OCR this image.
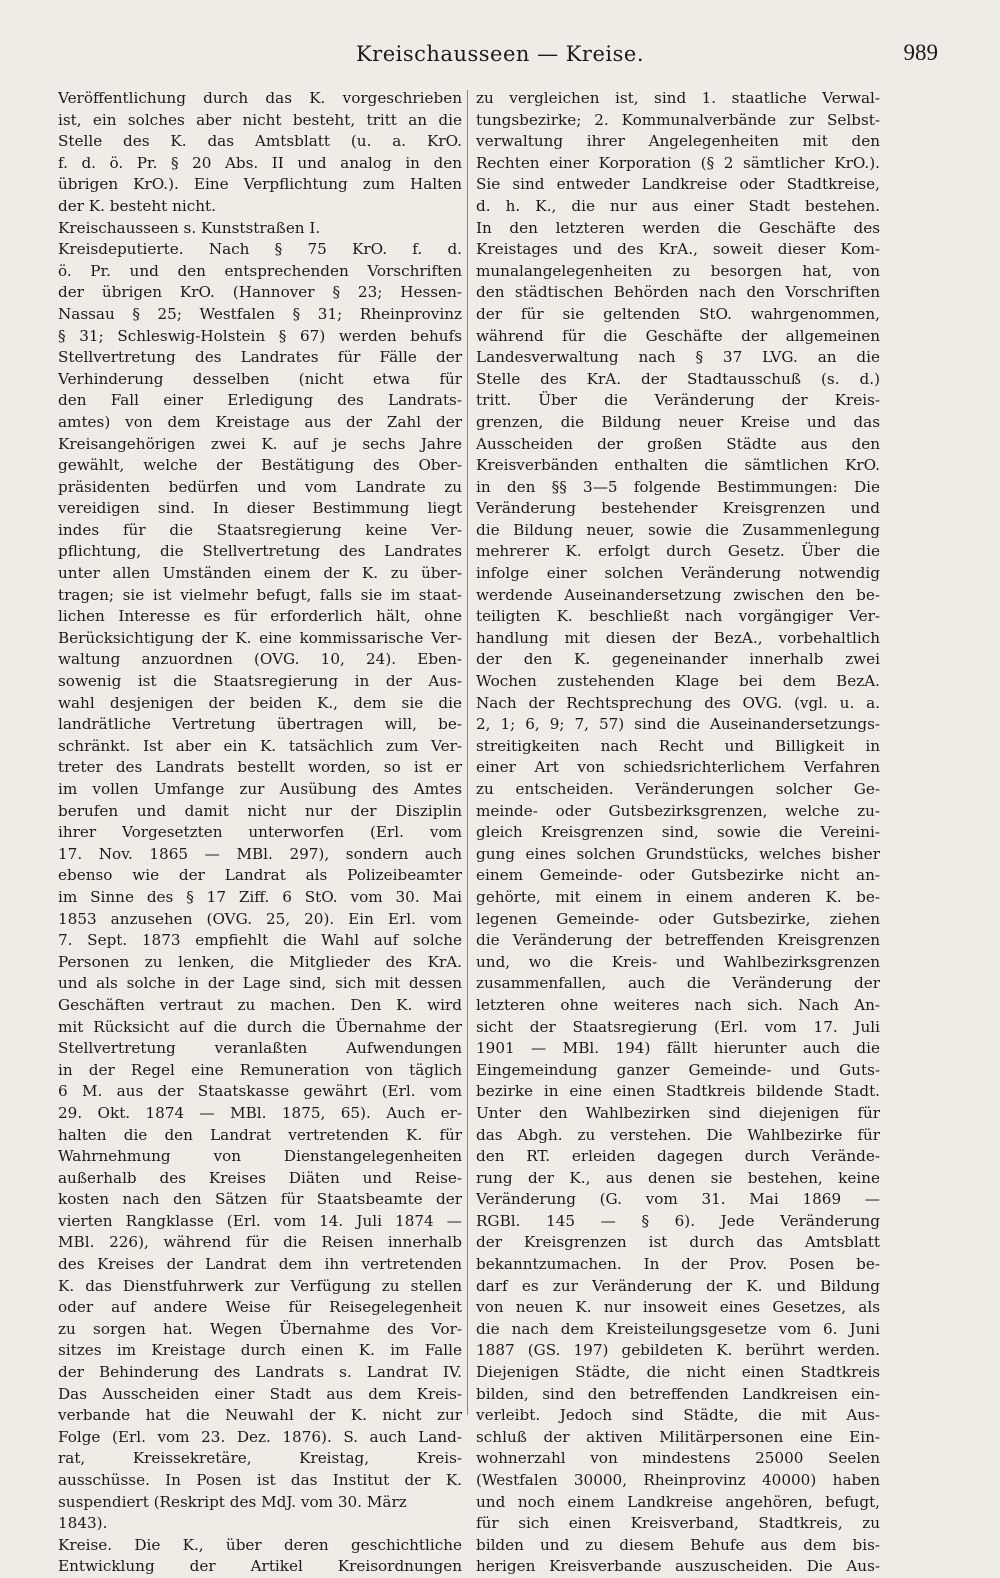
Kreischausseen — Kreise.	989
Veröffentlichung durch das K. vorgeschrieben
ist, ein solches aber nicht besteht, tritt an die
Stelle des K. das Amtsblatt (u. a. KrO.
f. d. ö. Pr. § 20 Abs. II und analog in den
übrigen KrO.). Eine Verpflichtung zum Halten
der K. besteht nicht.
Kreischausseen s. Kunststraßen I.
Kreisdeputierte. Nach § 75 KrO. f. d.
ö. Pr. und den entsprechenden Vorschriften
der übrigen KrO. (Hannover § 23; Hessen-
Nassau § 25; Westfalen § 31; Rheinprovinz
§ 31; Schleswig-Holstein § 67) werden behufs
Stellvertretung des Landrates für Fälle der
Verhinderung desselben (nicht etwa für
den Fall einer Erledigung des Landrats-
amtes) von dem Kreistage aus der Zahl der
Kreisangehörigen zwei K. auf je sechs Jahre
gewählt, welche der Bestätigung des Ober-
präsidenten bedürfen und vom Landrate zu
vereidigen sind. In dieser Bestimmung liegt
indes für die Staatsregierung keine Ver-
pflichtung, die Stellvertretung des Landrates
unter allen Umständen einem der K. zu über-
tragen; sie ist vielmehr befugt, falls sie im staat-
lichen Interesse es für erforderlich hält, ohne
Berücksichtigung der K. eine kommissarische Ver-
waltung anzuordnen (OVG. 10, 24). Eben-
sowenig ist die Staatsregierung in der Aus-
wahl desjenigen der beiden K., dem sie die
landrätliche Vertretung übertragen will, be-
schränkt. Ist aber ein K. tatsächlich zum Ver-
treter des Landrats bestellt worden, so ist er
im vollen Umfange zur Ausübung des Amtes
berufen und damit nicht nur der Disziplin
ihrer Vorgesetzten unterworfen (Erl. vom
17. Nov. 1865 — MBl. 297), sondern auch
ebenso wie der Landrat als Polizeibeamter
im Sinne des § 17 Ziff. 6 StO. vom 30. Mai
1853 anzusehen (OVG. 25, 20). Ein Erl. vom
7. Sept. 1873 empfiehlt die Wahl auf solche
Personen zu lenken, die Mitglieder des KrA.
und als solche in der Lage sind, sich mit dessen
Geschäften vertraut zu machen. Den K. wird
mit Rücksicht auf die durch die Übernahme der
Stellvertretung veranlaßten Aufwendungen
in der Regel eine Remuneration von täglich
6 M. aus der Staatskasse gewährt (Erl. vom
29. Okt. 1874 — MBl. 1875, 65). Auch er-
halten die den Landrat vertretenden K. für
Wahrnehmung von Dienstangelegenheiten
außerhalb des Kreises Diäten und Reise-
kosten nach den Sätzen für Staatsbeamte der
vierten Rangklasse (Erl. vom 14. Juli 1874 —
MBl. 226), während für die Reisen innerhalb
des Kreises der Landrat dem ihn vertretenden
K. das Dienstfuhrwerk zur Verfügung zu stellen
oder auf andere Weise für Reisegelegenheit
zu sorgen hat. Wegen Übernahme des Vor-
sitzes im Kreistage durch einen K. im Falle
der Behinderung des Landrats s. Landrat IV.
Das Ausscheiden einer Stadt aus dem Kreis-
verbande hat die Neuwahl der K. nicht zur
Folge (Erl. vom 23. Dez. 1876). S. auch Land-
rat, Kreissekretäre, Kreistag, Kreis-
ausschüsse. In Posen ist das Institut der K.
suspendiert (Reskript des MdJ. vom 30. März
1843).
Kreise. Die K., über deren geschichtliche
Entwicklung der Artikel Kreisordnungen
zu vergleichen ist, sind 1. staatliche Verwal-
tungsbezirke; 2. Kommunalverbände zur Selbst-
verwaltung ihrer Angelegenheiten mit den
Rechten einer Korporation (§ 2 sämtlicher KrO.).
Sie sind entweder Landkreise oder Stadtkreise,
d. h. K., die nur aus einer Stadt bestehen.
In den letzteren werden die Geschäfte des
Kreistages und des KrA., soweit dieser Kom-
munalangelegenheiten zu besorgen hat, von
den städtischen Behörden nach den Vorschriften
der für sie geltenden StO. wahrgenommen,
während für die Geschäfte der allgemeinen
Landesverwaltung nach § 37 LVG. an die
Stelle des KrA. der Stadtausschuß (s. d.)
tritt. Über die Veränderung der Kreis-
grenzen, die Bildung neuer Kreise und das
Ausscheiden der großen Städte aus den
Kreisverbänden enthalten die sämtlichen KrO.
in den §§ 3—5 folgende Bestimmungen: Die
Veränderung bestehender Kreisgrenzen und
die Bildung neuer, sowie die Zusammenlegung
mehrerer K. erfolgt durch Gesetz. Über die
infolge einer solchen Veränderung notwendig
werdende Auseinandersetzung zwischen den be-
teiligten K. beschließt nach vorgängiger Ver-
handlung mit diesen der BezA., vorbehaltlich
der den K. gegeneinander innerhalb zwei
Wochen zustehenden Klage bei dem BezA.
Nach der Rechtsprechung des OVG. (vgl. u. a.
2, 1; 6, 9; 7, 57) sind die Auseinandersetzungs-
streitigkeiten nach Recht und Billigkeit in
einer Art von schiedsrichterlichem Verfahren
zu entscheiden. Veränderungen solcher Ge-
meinde- oder Gutsbezirksgrenzen, welche zu-
gleich Kreisgrenzen sind, sowie die Vereini-
gung eines solchen Grundstücks, welches bisher
einem Gemeinde- oder Gutsbezirke nicht an-
gehörte, mit einem in einem anderen K. be-
legenen Gemeinde- oder Gutsbezirke, ziehen
die Veränderung der betreffenden Kreisgrenzen
und, wo die Kreis- und Wahlbezirksgrenzen
zusammenfallen, auch die Veränderung der
letzteren ohne weiteres nach sich. Nach An-
sicht der Staatsregierung (Erl. vom 17. Juli
1901 — MBl. 194) fällt hierunter auch die
Eingemeindung ganzer Gemeinde- und Guts-
bezirke in eine einen Stadtkreis bildende Stadt.
Unter den Wahlbezirken sind diejenigen für
das Abgh. zu verstehen. Die Wahlbezirke für
den RT. erleiden dagegen durch Verände-
rung der K., aus denen sie bestehen, keine
Veränderung (G. vom 31. Mai 1869 —
RGBl. 145 — § 6). Jede Veränderung
der Kreisgrenzen ist durch das Amtsblatt
bekanntzumachen. In der Prov. Posen be-
darf es zur Veränderung der K. und Bildung
von neuen K. nur insoweit eines Gesetzes, als
die nach dem Kreisteilungsgesetze vom 6. Juni
1887 (GS. 197) gebildeten K. berührt werden.
Diejenigen Städte, die nicht einen Stadtkreis
bilden, sind den betreffenden Landkreisen ein-
verleibt. Jedoch sind Städte, die mit Aus-
schluß der aktiven Militärpersonen eine Ein-
wohnerzahl von mindestens 25000 Seelen
(Westfalen 30000, Rheinprovinz 40000) haben
und noch einem Landkreise angehören, befugt,
für sich einen Kreisverband, Stadtkreis, zu
bilden und zu diesem Behufe aus dem bis-
herigen Kreisverbande auszuscheiden. Die Aus-
